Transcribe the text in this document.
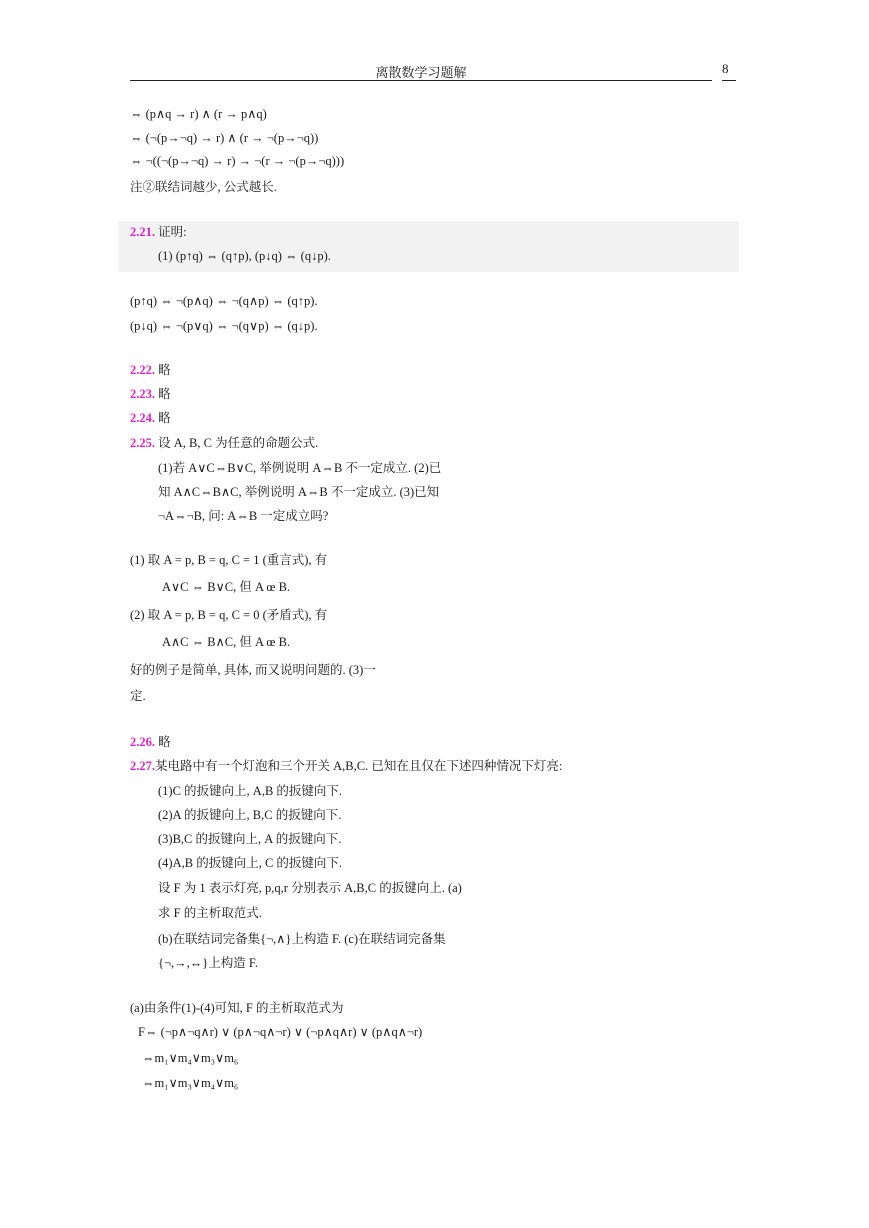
离散数学习题解	8
⇔ (p∧q → r) ∧ (r → p∧q)
⇔ (¬(p→¬q) → r) ∧ (r → ¬(p→¬q))
⇔ ¬((¬(p→¬q) → r) → ¬(r → ¬(p→¬q)))
注②联结词越少, 公式越长.
2.21. 证明:
(1) (p↑q) ⇔ (q↑p), (p↓q) ⇔ (q↓p).
(p↑q) ⇔ ¬(p∧q) ⇔ ¬(q∧p) ⇔ (q↑p).
(p↓q) ⇔ ¬(p∨q) ⇔ ¬(q∨p) ⇔ (q↓p).
2.22. 略
2.23. 略
2.24. 略
2.25. 设 A, B, C 为任意的命题公式.
(1)若 A∨C⇔B∨C, 举例说明 A⇔B 不一定成立. (2)已
知 A∧C⇔B∧C, 举例说明 A⇔B 不一定成立. (3)已知
¬A⇔¬B, 问: A⇔B 一定成立吗?
(1) 取 A = p, B = q, C = 1 (重言式), 有
A∨C ⇔ B∨C, 但 A œ B.
(2) 取 A = p, B = q, C = 0 (矛盾式), 有
A∧C ⇔ B∧C, 但 A œ B.
好的例子是简单, 具体, 而又说明问题的. (3)一
定.
2.26. 略
2.27.某电路中有一个灯泡和三个开关 A,B,C. 已知在且仅在下述四种情况下灯亮:
(1)C 的扳键向上, A,B 的扳键向下.
(2)A 的扳键向上, B,C 的扳键向下.
(3)B,C 的扳键向上, A 的扳键向下.
(4)A,B 的扳键向上, C 的扳键向下.
设 F 为 1 表示灯亮, p,q,r 分别表示 A,B,C 的扳键向上. (a)
求 F 的主析取范式.
(b)在联结词完备集{¬,∧}上构造 F. (c)在联结词完备集
{¬,→,↔}上构造 F.
(a)由条件(1)-(4)可知, F 的主析取范式为
F⇔ (¬p∧¬q∧r) ∨ (p∧¬q∧¬r) ∨ (¬p∧q∧r) ∨ (p∧q∧¬r)
⇔m₁∨m₄∨m₃∨m₆
⇔m₁∨m₃∨m₄∨m₆
